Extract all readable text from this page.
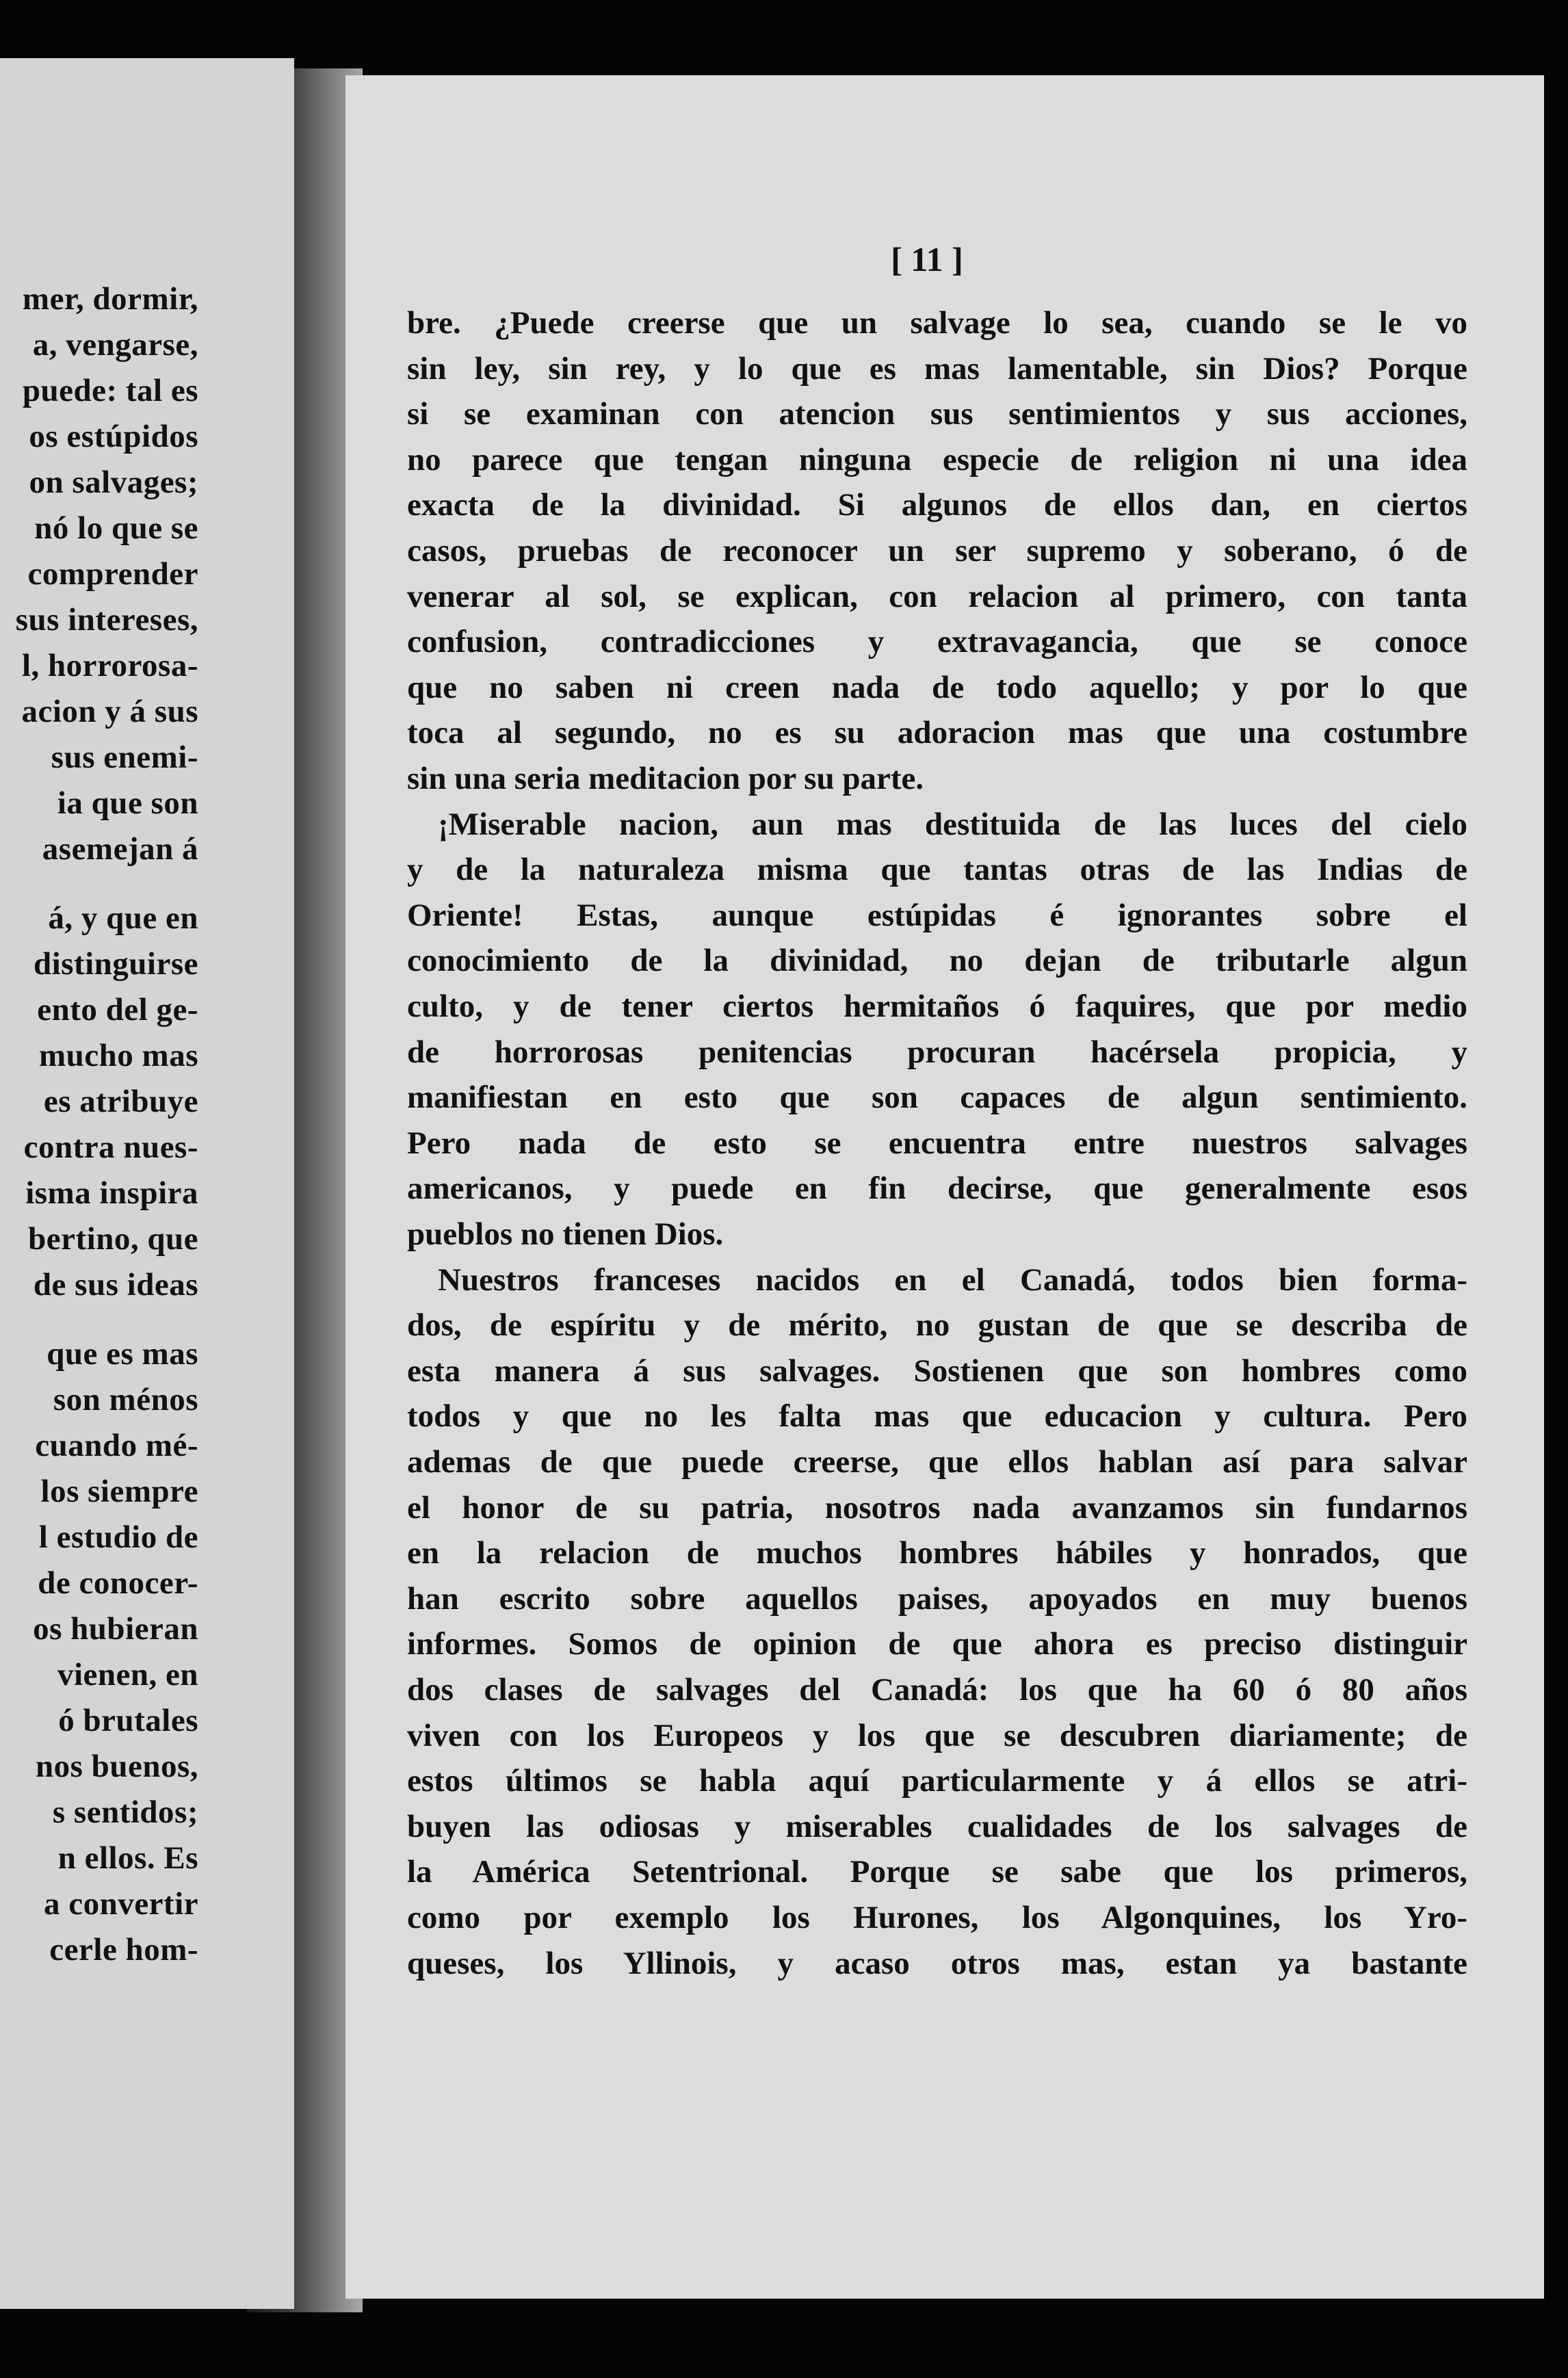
mer, dormir,
a, vengarse,
puede: tal es
os estúpidos
on salvages;
nó lo que se
comprender
sus intereses,
l, horrorosa-
acion y á sus
sus enemi-
ia que son
asemejan á
á, y que en
distinguirse
ento del ge-
mucho mas
es atribuye
contra nues-
isma inspira
bertino, que
de sus ideas
que es mas
son ménos
cuando mé-
los siempre
l estudio de
de conocer-
os hubieran
vienen, en
ó brutales
nos buenos,
s sentidos;
n ellos. Es
a convertir
cerle hom-
[ 11 ]
bre. ¿Puede creerse que un salvage lo sea, cuando se le vo
sin ley, sin rey, y lo que es mas lamentable, sin Dios? Porque
si se examinan con atencion sus sentimientos y sus acciones,
no parece que tengan ninguna especie de religion ni una idea
exacta de la divinidad. Si algunos de ellos dan, en ciertos
casos, pruebas de reconocer un ser supremo y soberano, ó de
venerar al sol, se explican, con relacion al primero, con tanta
confusion, contradicciones y extravagancia, que se conoce
que no saben ni creen nada de todo aquello; y por lo que
toca al segundo, no es su adoracion mas que una costumbre
sin una seria meditacion por su parte.
¡Miserable nacion, aun mas destituida de las luces del cielo
y de la naturaleza misma que tantas otras de las Indias de
Oriente! Estas, aunque estúpidas é ignorantes sobre el
conocimiento de la divinidad, no dejan de tributarle algun
culto, y de tener ciertos hermitaños ó faquires, que por medio
de horrorosas penitencias procuran hacérsela propicia, y
manifiestan en esto que son capaces de algun sentimiento.
Pero nada de esto se encuentra entre nuestros salvages
americanos, y puede en fin decirse, que generalmente esos
pueblos no tienen Dios.
Nuestros franceses nacidos en el Canadá, todos bien forma-
dos, de espíritu y de mérito, no gustan de que se describa de
esta manera á sus salvages. Sostienen que son hombres como
todos y que no les falta mas que educacion y cultura. Pero
ademas de que puede creerse, que ellos hablan así para salvar
el honor de su patria, nosotros nada avanzamos sin fundarnos
en la relacion de muchos hombres hábiles y honrados, que
han escrito sobre aquellos paises, apoyados en muy buenos
informes. Somos de opinion de que ahora es preciso distinguir
dos clases de salvages del Canadá: los que ha 60 ó 80 años
viven con los Europeos y los que se descubren diariamente; de
estos últimos se habla aquí particularmente y á ellos se atri-
buyen las odiosas y miserables cualidades de los salvages de
la América Setentrional. Porque se sabe que los primeros,
como por exemplo los Hurones, los Algonquines, los Yro-
queses, los Yllinois, y acaso otros mas, estan ya bastante
